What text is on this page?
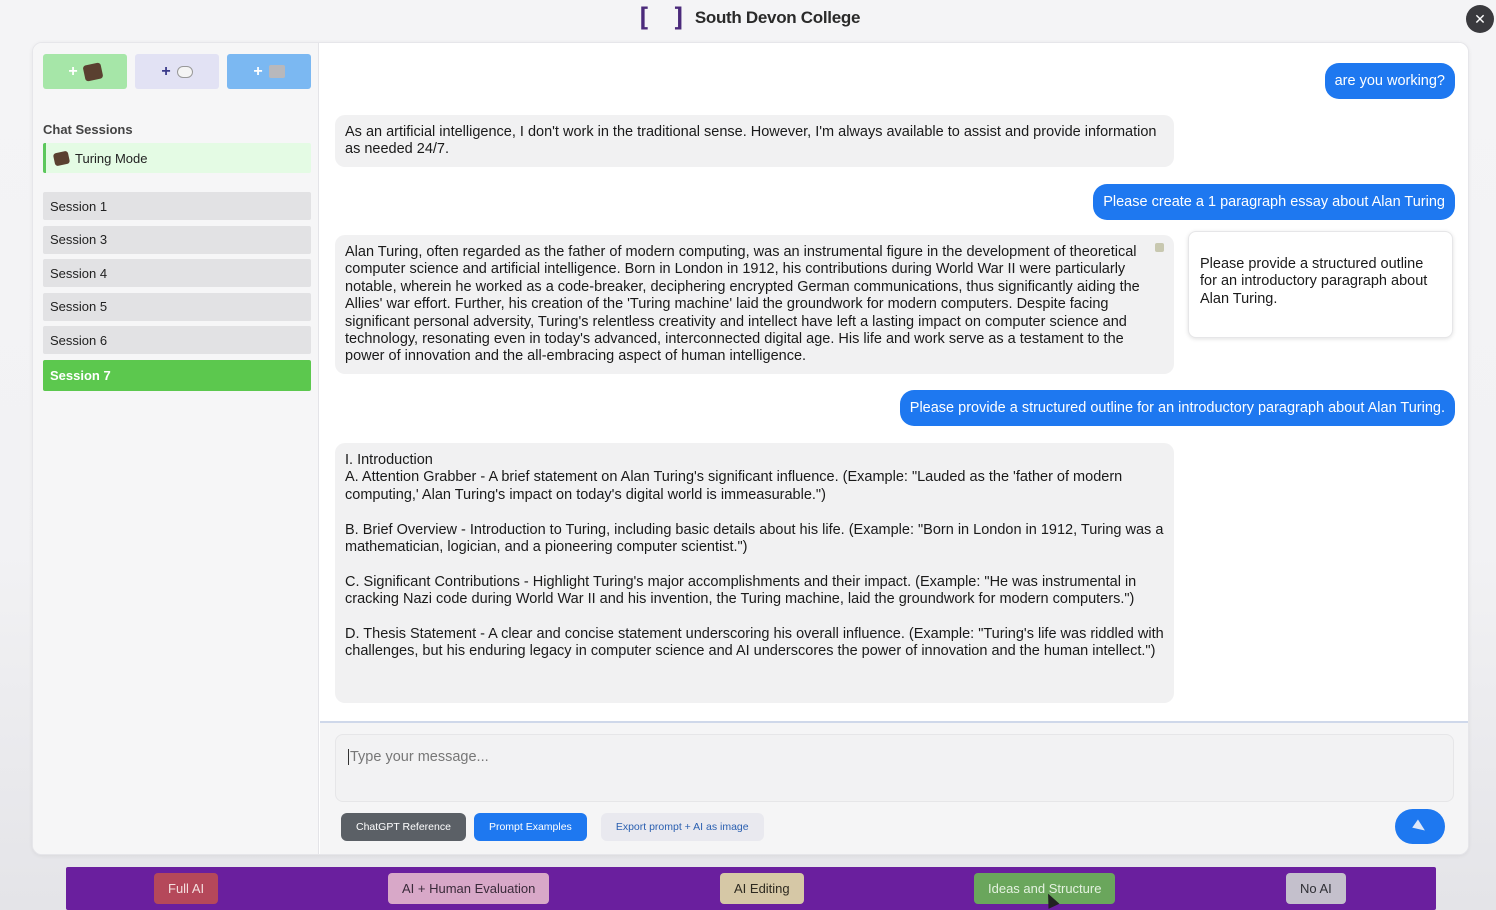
[ ] South Devon College	✕
+	+	+
Chat Sessions
Turing Mode
Session 1
Session 3
Session 4
Session 5
Session 6
Session 7
are you working?
As an artificial intelligence, I don't work in the traditional sense. However, I'm always available to assist and provide information as needed 24/7.
Please create a 1 paragraph essay about Alan Turing
Alan Turing, often regarded as the father of modern computing, was an instrumental figure in the development of theoretical computer science and artificial intelligence. Born in London in 1912, his contributions during World War II were particularly notable, wherein he worked as a code-breaker, deciphering encrypted German communications, thus significantly aiding the Allies' war effort. Further, his creation of the 'Turing machine' laid the groundwork for modern computers. Despite facing significant personal adversity, Turing's relentless creativity and intellect have left a lasting impact on computer science and technology, resonating even in today's advanced, interconnected digital age. His life and work serve as a testament to the power of innovation and the all-embracing aspect of human intelligence.
Please provide a structured outline for an introductory paragraph about Alan Turing.
Please provide a structured outline for an introductory paragraph about Alan Turing.

I. Introduction
A. Attention Grabber - A brief statement on Alan Turing's significant influence. (Example: "Lauded as the 'father of modern computing,' Alan Turing's impact on today's digital world is immeasurable.")

B. Brief Overview - Introduction to Turing, including basic details about his life. (Example: "Born in London in 1912, Turing was a mathematician, logician, and a pioneering computer scientist.")

C. Significant Contributions - Highlight Turing's major accomplishments and their impact. (Example: "He was instrumental in cracking Nazi code during World War II and his invention, the Turing machine, laid the groundwork for modern computers.")

D. Thesis Statement - A clear and concise statement underscoring his overall influence. (Example: "Turing's life was riddled with challenges, but his enduring legacy in computer science and AI underscores the power of innovation and the human intellect.")

Type your message...
ChatGPT Reference	Prompt Examples	Export prompt + AI as image
Full AI	AI + Human Evaluation	AI Editing	Ideas and Structure	No AI
